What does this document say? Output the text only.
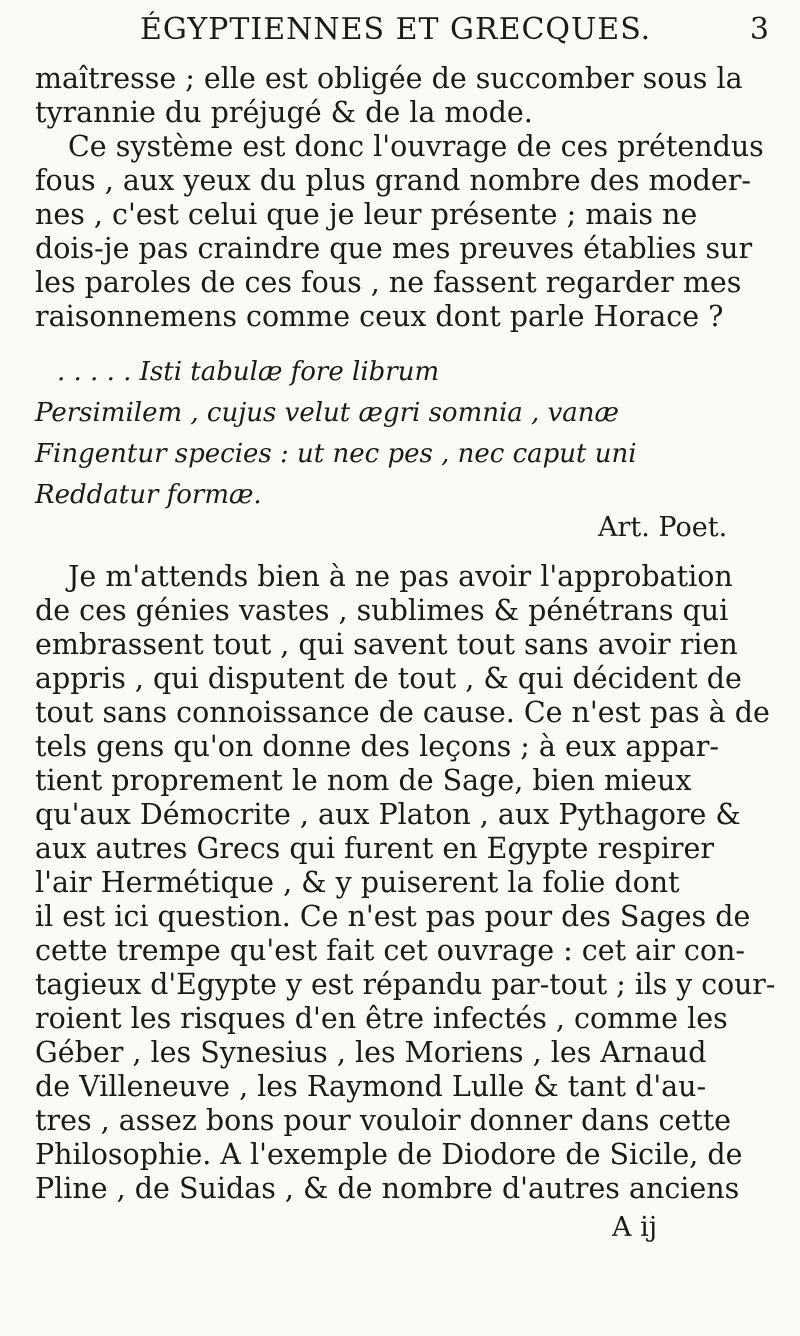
ÉGYPTIENNES ET GRECQUES.	3
maîtresse ; elle est obligée de succomber sous la
tyrannie du préjugé & de la mode.
Ce système est donc l'ouvrage de ces prétendus
fous , aux yeux du plus grand nombre des moder-
nes , c'est celui que je leur présente ; mais ne
dois-je pas craindre que mes preuves établies sur
les paroles de ces fous , ne fassent regarder mes
raisonnemens comme ceux dont parle Horace ?
. . . . . Isti tabulæ fore librum
Persimilem , cujus velut ægri somnia , vanæ
Fingentur species : ut nec pes , nec caput uni
Reddatur formæ.
Art. Poet.
Je m'attends bien à ne pas avoir l'approbation
de ces génies vastes , sublimes & pénétrans qui
embrassent tout , qui savent tout sans avoir rien
appris , qui disputent de tout , & qui décident de
tout sans connoissance de cause. Ce n'est pas à de
tels gens qu'on donne des leçons ; à eux appar-
tient proprement le nom de Sage, bien mieux
qu'aux Démocrite , aux Platon , aux Pythagore &
aux autres Grecs qui furent en Egypte respirer
l'air Hermétique , & y puiserent la folie dont
il est ici question. Ce n'est pas pour des Sages de
cette trempe qu'est fait cet ouvrage : cet air con-
tagieux d'Egypte y est répandu par-tout ; ils y cour-
roient les risques d'en être infectés , comme les
Géber , les Synesius , les Moriens , les Arnaud
de Villeneuve , les Raymond Lulle & tant d'au-
tres , assez bons pour vouloir donner dans cette
Philosophie. A l'exemple de Diodore de Sicile, de
Pline , de Suidas , & de nombre d'autres anciens
A ij
